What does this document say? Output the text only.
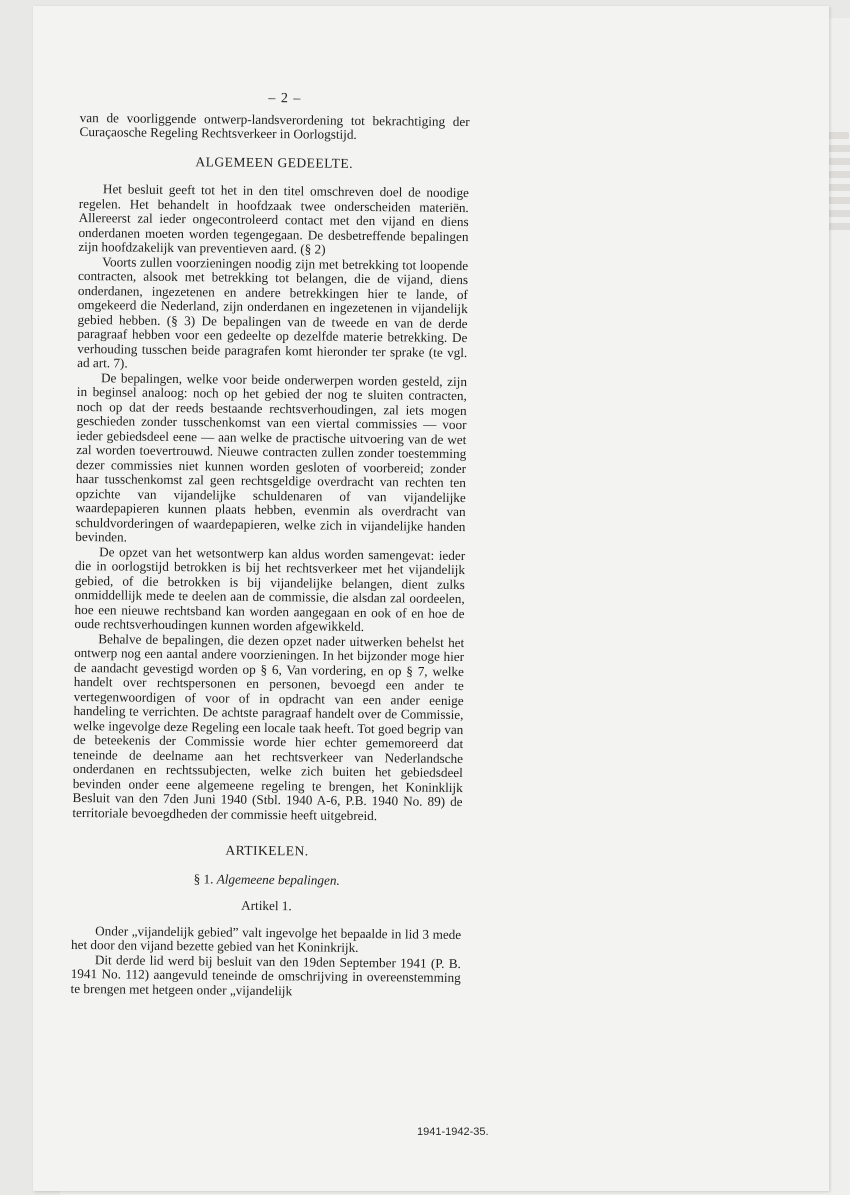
– 2 –

van de voorliggende ontwerp-landsverordening tot bekrachtiging der Curaçaosche Regeling Rechtsverkeer in Oorlogstijd.

ALGEMEEN GEDEELTE.

Het besluit geeft tot het in den titel omschreven doel de noodige regelen. Het behandelt in hoofdzaak twee onderscheiden materiën. Allereerst zal ieder ongecontroleerd contact met den vijand en diens onderdanen moeten worden tegengegaan. De desbetreffende bepalingen zijn hoofdzakelijk van preventieven aard. (§ 2)

Voorts zullen voorzieningen noodig zijn met betrekking tot loopende contracten, alsook met betrekking tot belangen, die de vijand, diens onderdanen, ingezetenen en andere betrekkingen hier te lande, of omgekeerd die Nederland, zijn onderdanen en ingezetenen in vijandelijk gebied hebben. (§ 3) De bepalingen van de tweede en van de derde paragraaf hebben voor een gedeelte op dezelfde materie betrekking. De verhouding tusschen beide paragrafen komt hieronder ter sprake (te vgl. ad art. 7).

De bepalingen, welke voor beide onderwerpen worden gesteld, zijn in beginsel analoog: noch op het gebied der nog te sluiten contracten, noch op dat der reeds bestaande rechtsverhoudingen, zal iets mogen geschieden zonder tusschenkomst van een viertal commissies — voor ieder gebiedsdeel eene — aan welke de practische uitvoering van de wet zal worden toevertrouwd. Nieuwe contracten zullen zonder toestemming dezer commissies niet kunnen worden gesloten of voorbereid; zonder haar tusschenkomst zal geen rechtsgeldige overdracht van rechten ten opzichte van vijandelijke schuldenaren of van vijandelijke waardepapieren kunnen plaats hebben, evenmin als overdracht van schuldvorderingen of waardepapieren, welke zich in vijandelijke handen bevinden.

De opzet van het wetsontwerp kan aldus worden samengevat: ieder die in oorlogstijd betrokken is bij het rechtsverkeer met het vijandelijk gebied, of die betrokken is bij vijandelijke belangen, dient zulks onmiddellijk mede te deelen aan de commissie, die alsdan zal oordeelen, hoe een nieuwe rechtsband kan worden aangegaan en ook of en hoe de oude rechtsverhoudingen kunnen worden afgewikkeld.

Behalve de bepalingen, die dezen opzet nader uitwerken behelst het ontwerp nog een aantal andere voorzieningen. In het bijzonder moge hier de aandacht gevestigd worden op § 6, Van vordering, en op § 7, welke handelt over rechtspersonen en personen, bevoegd een ander te vertegenwoordigen of voor of in opdracht van een ander eenige handeling te verrichten. De achtste paragraaf handelt over de Commissie, welke ingevolge deze Regeling een locale taak heeft. Tot goed begrip van de beteekenis der Commissie worde hier echter gememoreerd dat teneinde de deelname aan het rechtsverkeer van Nederlandsche onderdanen en rechtssubjecten, welke zich buiten het gebiedsdeel bevinden onder eene algemeene regeling te brengen, het Koninklijk Besluit van den 7den Juni 1940 (Stbl. 1940 A-6, P.B. 1940 No. 89) de territoriale bevoegdheden der commissie heeft uitgebreid.

ARTIKELEN.
§ 1. Algemeene bepalingen.
Artikel 1.

Onder „vijandelijk gebied” valt ingevolge het bepaalde in lid 3 mede het door den vijand bezette gebied van het Koninkrijk.

Dit derde lid werd bij besluit van den 19den September 1941 (P. B. 1941 No. 112) aangevuld teneinde de omschrijving in overeenstemming te brengen met hetgeen onder „vijandelijk

1941-1942-35.
